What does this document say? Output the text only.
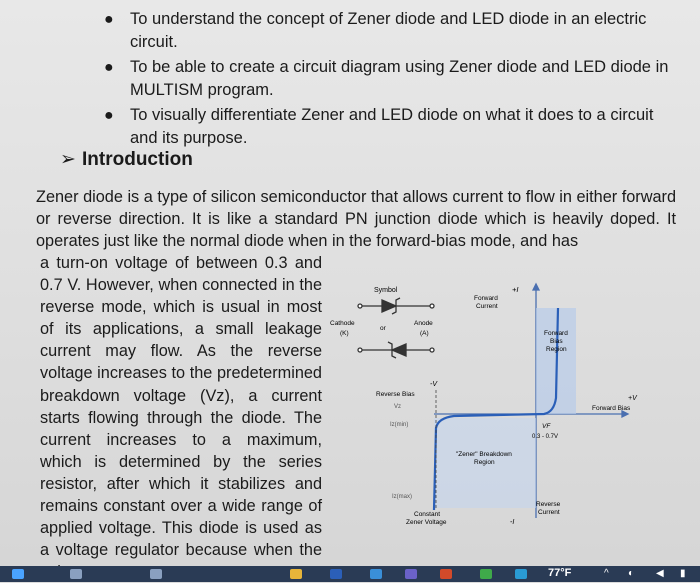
● To understand the concept of Zener diode and LED diode in an electric circuit.
● To be able to create a circuit diagram using Zener diode and LED diode in MULTISM program.
● To visually differentiate Zener and LED diode on what it does to a circuit and its purpose.
➢ Introduction
Zener diode is a type of silicon semiconductor that allows current to flow in either forward or reverse direction. It is like a standard PN junction diode which is heavily doped. It operates just like the normal diode when in the forward-bias mode, and has
a turn-on voltage of between 0.3 and 0.7 V. However, when connected in the reverse mode, which is usual in most of its applications, a small leakage current may flow. As the reverse voltage increases to the predetermined breakdown voltage (Vz), a current starts flowing through the diode. The current increases to a maximum, which is determined by the series resistor, after which it stabilizes and remains constant over a wide range of applied voltage. This diode is used as a voltage regulator because when the
Symbol
Cathode
(K)
or
Anode
(A)
+I
Forward
Current
Forward
Bias
Region
Reverse Bias
-V
Vz
Iz(min)
Iz(max)
Forward Bias
+V
VF
0.3 - 0.7V
"Zener" Breakdown
Region
Constant
Zener Voltage
Reverse
Current
-I
77°F	^	◐	◀ ▮
